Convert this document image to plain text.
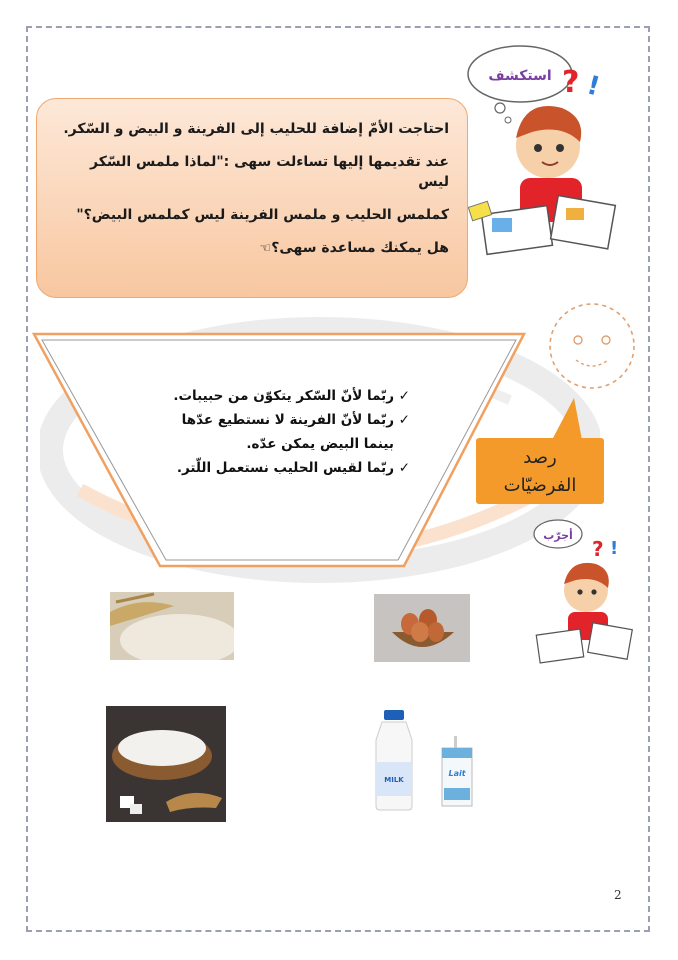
استكشف ? !

احتاجت الأمّ إضافة للحليب إلى الفرينة و البيض و السّكر.

عند تقديمها إليها تساءلت سهى :"لماذا ملمس السّكر ليس

كملمس الحليب و ملمس الفرينة ليس كملمس البيض؟"

هل يمكنك مساعدة سهى؟☜

✓ ربّما لأنّ السّكر يتكوّن من حبيبات.
✓ ربّما لأنّ الفرينة لا نستطيع عدّها
بينما البيض يمكن عدّه.
✓ ربّما لقيس الحليب نستعمل اللّتر.	رصد
الفرضيّات
أجرّب
? !
MILK
Lait
2
